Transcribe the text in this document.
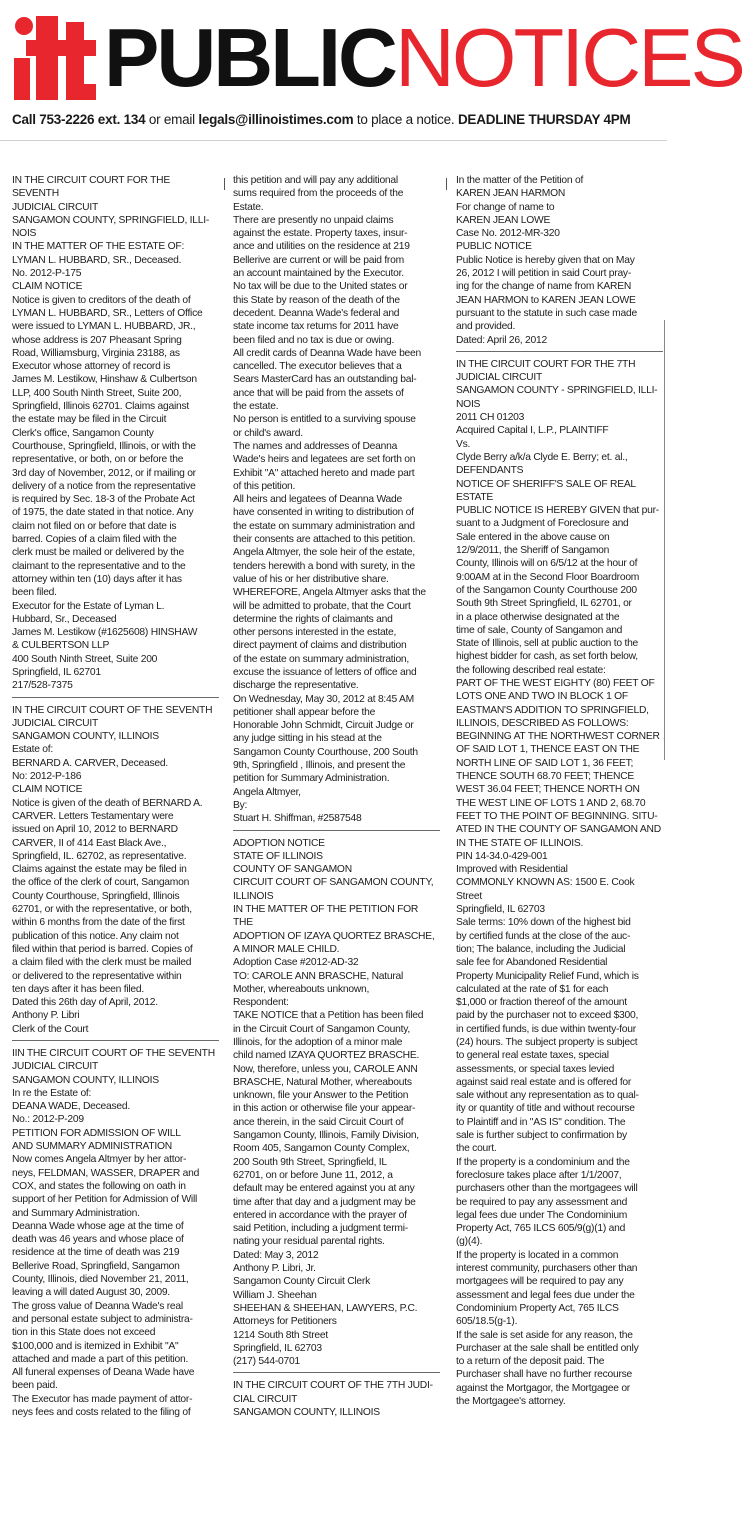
PUBLICNOTICES
Call 753-2226 ext. 134 or email legals@illinoistimes.com to place a notice. DEADLINE THURSDAY 4PM

IN THE CIRCUIT COURT FOR THE SEVENTH

JUDICIAL CIRCUIT

SANGAMON COUNTY, SPRINGFIELD, ILLI-

NOIS

IN THE MATTER OF THE ESTATE OF:

LYMAN L. HUBBARD, SR., Deceased.

No. 2012-P-175

CLAIM NOTICE

Notice is given to creditors of the death of

LYMAN L. HUBBARD, SR., Letters of Office

were issued to LYMAN L. HUBBARD, JR.,

whose address is 207 Pheasant Spring

Road, Williamsburg, Virginia 23188, as

Executor whose attorney of record is

James M. Lestikow, Hinshaw & Culbertson

LLP, 400 South Ninth Street, Suite 200,

Springfield, Illinois 62701. Claims against

the estate may be filed in the Circuit

Clerk's office, Sangamon County

Courthouse, Springfield, Illinois, or with the

representative, or both, on or before the

3rd day of November, 2012, or if mailing or

delivery of a notice from the representative

is required by Sec. 18-3 of the Probate Act

of 1975, the date stated in that notice. Any

claim not filed on or before that date is

barred. Copies of a claim filed with the

clerk must be mailed or delivered by the

claimant to the representative and to the

attorney within ten (10) days after it has

been filed.

Executor for the Estate of Lyman L.

Hubbard, Sr., Deceased

James M. Lestikow (#1625608) HINSHAW

& CULBERTSON LLP

400 South Ninth Street, Suite 200

Springfield, IL 62701

217/528-7375

IN THE CIRCUIT COURT OF THE SEVENTH

JUDICIAL CIRCUIT

SANGAMON COUNTY, ILLINOIS

Estate of:

BERNARD A. CARVER, Deceased.

No: 2012-P-186

CLAIM NOTICE

Notice is given of the death of BERNARD A.

CARVER. Letters Testamentary were

issued on April 10, 2012 to BERNARD

CARVER, II of 414 East Black Ave.,

Springfield, IL. 62702, as representative.

Claims against the estate may be filed in

the office of the clerk of court, Sangamon

County Courthouse, Springfield, Illinois

62701, or with the representative, or both,

within 6 months from the date of the first

publication of this notice. Any claim not

filed within that period is barred. Copies of

a claim filed with the clerk must be mailed

or delivered to the representative within

ten days after it has been filed.

Dated this 26th day of April, 2012.

Anthony P. Libri

Clerk of the Court

IIN THE CIRCUIT COURT OF THE SEVENTH

JUDICIAL CIRCUIT

SANGAMON COUNTY, ILLINOIS

In re the Estate of:

DEANA WADE, Deceased.

No.: 2012-P-209

PETITION FOR ADMISSION OF WILL

AND SUMMARY ADMINISTRATION

Now comes Angela Altmyer by her attor-

neys, FELDMAN, WASSER, DRAPER and

COX, and states the following on oath in

support of her Petition for Admission of Will

and Summary Administration.

Deanna Wade whose age at the time of

death was 46 years and whose place of

residence at the time of death was 219

Bellerive Road, Springfield, Sangamon

County, Illinois, died November 21, 2011,

leaving a will dated August 30, 2009.

The gross value of Deanna Wade's real

and personal estate subject to administra-

tion in this State does not exceed

$100,000 and is itemized in Exhibit "A"

attached and made a part of this petition.

All funeral expenses of Deana Wade have

been paid.

The Executor has made payment of attor-

neys fees and costs related to the filing of

this petition and will pay any additional

sums required from the proceeds of the

Estate.

There are presently no unpaid claims

against the estate. Property taxes, insur-

ance and utilities on the residence at 219

Bellerive are current or will be paid from

an account maintained by the Executor.

No tax will be due to the United states or

this State by reason of the death of the

decedent. Deanna Wade's federal and

state income tax returns for 2011 have

been filed and no tax is due or owing.

All credit cards of Deanna Wade have been

cancelled. The executor believes that a

Sears MasterCard has an outstanding bal-

ance that will be paid from the assets of

the estate.

No person is entitled to a surviving spouse

or child's award.

The names and addresses of Deanna

Wade's heirs and legatees are set forth on

Exhibit "A" attached hereto and made part

of this petition.

All heirs and legatees of Deanna Wade

have consented in writing to distribution of

the estate on summary administration and

their consents are attached to this petition.

Angela Altmyer, the sole heir of the estate,

tenders herewith a bond with surety, in the

value of his or her distributive share.

WHEREFORE, Angela Altmyer asks that the

will be admitted to probate, that the Court

determine the rights of claimants and

other persons interested in the estate,

direct payment of claims and distribution

of the estate on summary administration,

excuse the issuance of letters of office and

discharge the representative.

On Wednesday, May 30, 2012 at 8:45 AM

petitioner shall appear before the

Honorable John Schmidt, Circuit Judge or

any judge sitting in his stead at the

Sangamon County Courthouse, 200 South

9th, Springfield , Illinois, and present the

petition for Summary Administration.

Angela Altmyer,

By:

Stuart H. Shiffman, #2587548

ADOPTION NOTICE

STATE OF ILLINOIS

COUNTY OF SANGAMON

CIRCUIT COURT OF SANGAMON COUNTY,

ILLINOIS

IN THE MATTER OF THE PETITION FOR THE

ADOPTION OF IZAYA QUORTEZ BRASCHE,

A MINOR MALE CHILD.

Adoption Case #2012-AD-32

TO: CAROLE ANN BRASCHE, Natural

Mother, whereabouts unknown,

Respondent:

TAKE NOTICE that a Petition has been filed

in the Circuit Court of Sangamon County,

Illinois, for the adoption of a minor male

child named IZAYA QUORTEZ BRASCHE.

Now, therefore, unless you, CAROLE ANN

BRASCHE, Natural Mother, whereabouts

unknown, file your Answer to the Petition

in this action or otherwise file your appear-

ance therein, in the said Circuit Court of

Sangamon County, Illinois, Family Division,

Room 405, Sangamon County Complex,

200 South 9th Street, Springfield, IL

62701, on or before June 11, 2012, a

default may be entered against you at any

time after that day and a judgment may be

entered in accordance with the prayer of

said Petition, including a judgment termi-

nating your residual parental rights.

Dated: May 3, 2012

Anthony P. Libri, Jr.

Sangamon County Circuit Clerk

William J. Sheehan

SHEEHAN & SHEEHAN, LAWYERS, P.C.

Attorneys for Petitioners

1214 South 8th Street

Springfield, IL 62703

(217) 544-0701

IN THE CIRCUIT COURT OF THE 7TH JUDI-

CIAL CIRCUIT

SANGAMON COUNTY, ILLINOIS

In the matter of the Petition of

KAREN JEAN HARMON

For change of name to

KAREN JEAN LOWE

Case No. 2012-MR-320

PUBLIC NOTICE

Public Notice is hereby given that on May

26, 2012 I will petition in said Court pray-

ing for the change of name from KAREN

JEAN HARMON to KAREN JEAN LOWE

pursuant to the statute in such case made

and provided.

Dated: April 26, 2012

IN THE CIRCUIT COURT FOR THE 7TH

JUDICIAL CIRCUIT

SANGAMON COUNTY - SPRINGFIELD, ILLI-

NOIS

2011 CH 01203

Acquired Capital I, L.P., PLAINTIFF

Vs.

Clyde Berry a/k/a Clyde E. Berry; et. al.,

DEFENDANTS

NOTICE OF SHERIFF'S SALE OF REAL

ESTATE

PUBLIC NOTICE IS HEREBY GIVEN that pur-

suant to a Judgment of Foreclosure and

Sale entered in the above cause on

12/9/2011, the Sheriff of Sangamon

County, Illinois will on 6/5/12 at the hour of

9:00AM at in the Second Floor Boardroom

of the Sangamon County Courthouse 200

South 9th Street Springfield, IL 62701, or

in a place otherwise designated at the

time of sale, County of Sangamon and

State of Illinois, sell at public auction to the

highest bidder for cash, as set forth below,

the following described real estate:

PART OF THE WEST EIGHTY (80) FEET OF

LOTS ONE AND TWO IN BLOCK 1 OF

EASTMAN'S ADDITION TO SPRINGFIELD,

ILLINOIS, DESCRIBED AS FOLLOWS:

BEGINNING AT THE NORTHWEST CORNER

OF SAID LOT 1, THENCE EAST ON THE

NORTH LINE OF SAID LOT 1, 36 FEET;

THENCE SOUTH 68.70 FEET; THENCE

WEST 36.04 FEET; THENCE NORTH ON

THE WEST LINE OF LOTS 1 AND 2, 68.70

FEET TO THE POINT OF BEGINNING. SITU-

ATED IN THE COUNTY OF SANGAMON AND

IN THE STATE OF ILLINOIS.

PIN 14-34.0-429-001

Improved with Residential

COMMONLY KNOWN AS: 1500 E. Cook

Street

Springfield, IL 62703

Sale terms: 10% down of the highest bid

by certified funds at the close of the auc-

tion; The balance, including the Judicial

sale fee for Abandoned Residential

Property Municipality Relief Fund, which is

calculated at the rate of $1 for each

$1,000 or fraction thereof of the amount

paid by the purchaser not to exceed $300,

in certified funds, is due within twenty-four

(24) hours. The subject property is subject

to general real estate taxes, special

assessments, or special taxes levied

against said real estate and is offered for

sale without any representation as to qual-

ity or quantity of title and without recourse

to Plaintiff and in "AS IS" condition. The

sale is further subject to confirmation by

the court.

If the property is a condominium and the

foreclosure takes place after 1/1/2007,

purchasers other than the mortgagees will

be required to pay any assessment and

legal fees due under The Condominium

Property Act, 765 ILCS 605/9(g)(1) and

(g)(4).

If the property is located in a common

interest community, purchasers other than

mortgagees will be required to pay any

assessment and legal fees due under the

Condominium Property Act, 765 ILCS

605/18.5(g-1).

If the sale is set aside for any reason, the

Purchaser at the sale shall be entitled only

to a return of the deposit paid. The

Purchaser shall have no further recourse

against the Mortgagor, the Mortgagee or

the Mortgagee's attorney.
